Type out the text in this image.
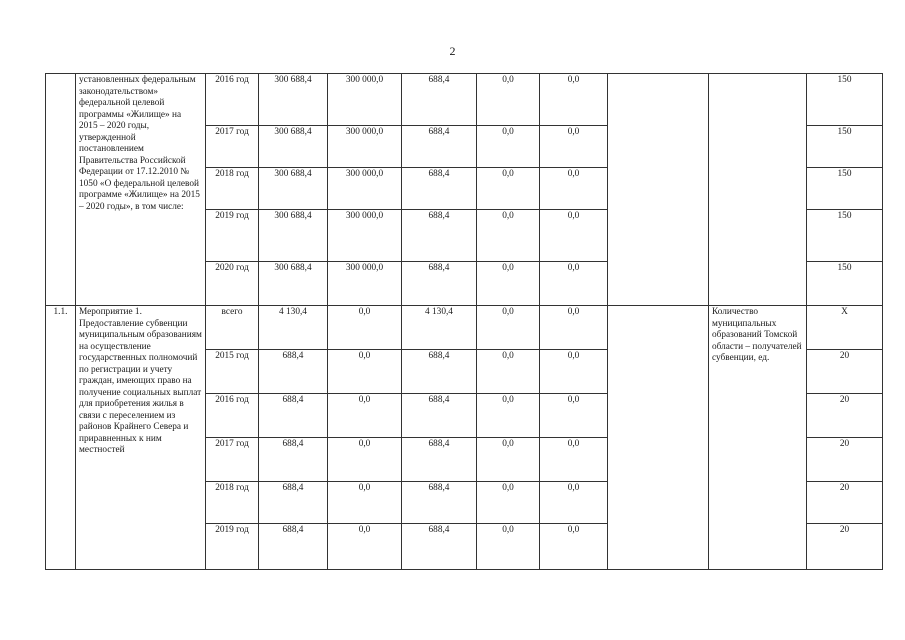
2
	установленных федеральным законодательством» федеральной целевой программы «Жилище» на 2015 – 2020 годы, утвержденной постановлением Правительства Российской Федерации от 17.12.2010 № 1050 «О федеральной целевой программе «Жилище» на 2015 – 2020 годы», в том числе:	2016 год	300 688,4	300 000,0	688,4	0,0	0,0			150
		2017 год	300 688,4	300 000,0	688,4	0,0	0,0			150
		2018 год	300 688,4	300 000,0	688,4	0,0	0,0			150
		2019 год	300 688,4	300 000,0	688,4	0,0	0,0			150
		2020 год	300 688,4	300 000,0	688,4	0,0	0,0			150
1.1.	Мероприятие 1. Предоставление субвенции муниципальным образованиям на осуществление государственных полномочий по регистрации и учету граждан, имеющих право на получение социальных выплат для приобретения жилья в связи с переселением из районов Крайнего Севера и приравненных к ним местностей	всего	4 130,4	0,0	4 130,4	0,0	0,0		Количество муниципальных образований Томской области – получателей субвенции, ед.	Х
		2015 год	688,4	0,0	688,4	0,0	0,0			20
		2016 год	688,4	0,0	688,4	0,0	0,0			20
		2017 год	688,4	0,0	688,4	0,0	0,0			20
		2018 год	688,4	0,0	688,4	0,0	0,0			20
		2019 год	688,4	0,0	688,4	0,0	0,0			20
